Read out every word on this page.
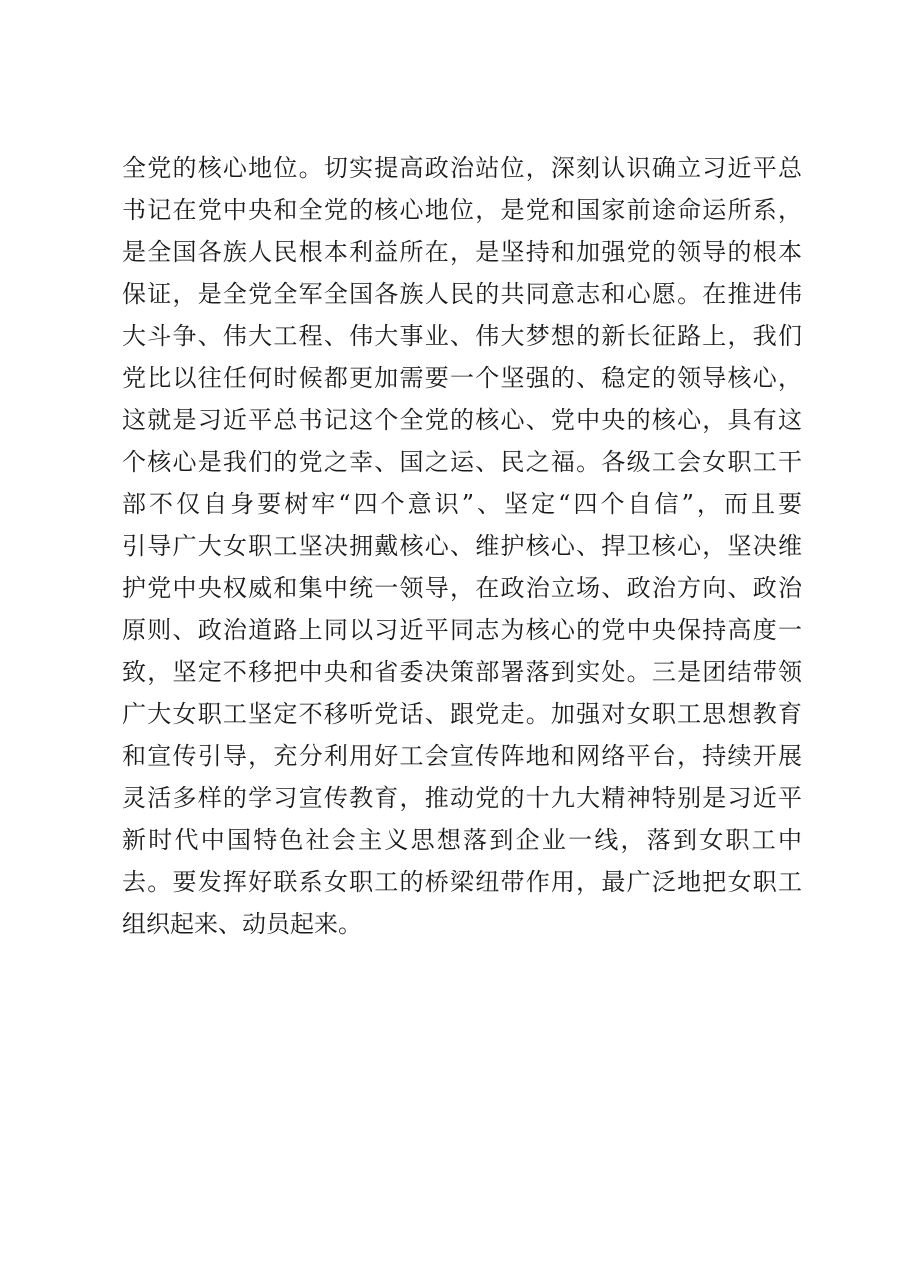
全党的核心地位。切实提高政治站位，深刻认识确立习近平总
书记在党中央和全党的核心地位，是党和国家前途命运所系，
是全国各族人民根本利益所在，是坚持和加强党的领导的根本
保证，是全党全军全国各族人民的共同意志和心愿。在推进伟
大斗争、伟大工程、伟大事业、伟大梦想的新长征路上，我们
党比以往任何时候都更加需要一个坚强的、稳定的领导核心，
这就是习近平总书记这个全党的核心、党中央的核心，具有这
个核心是我们的党之幸、国之运、民之福。各级工会女职工干
部不仅自身要树牢“四个意识”、坚定“四个自信”，而且要
引导广大女职工坚决拥戴核心、维护核心、捍卫核心，坚决维
护党中央权威和集中统一领导，在政治立场、政治方向、政治
原则、政治道路上同以习近平同志为核心的党中央保持高度一
致，坚定不移把中央和省委决策部署落到实处。三是团结带领
广大女职工坚定不移听党话、跟党走。加强对女职工思想教育
和宣传引导，充分利用好工会宣传阵地和网络平台，持续开展
灵活多样的学习宣传教育，推动党的十九大精神特别是习近平
新时代中国特色社会主义思想落到企业一线，落到女职工中
去。要发挥好联系女职工的桥梁纽带作用，最广泛地把女职工
组织起来、动员起来。
